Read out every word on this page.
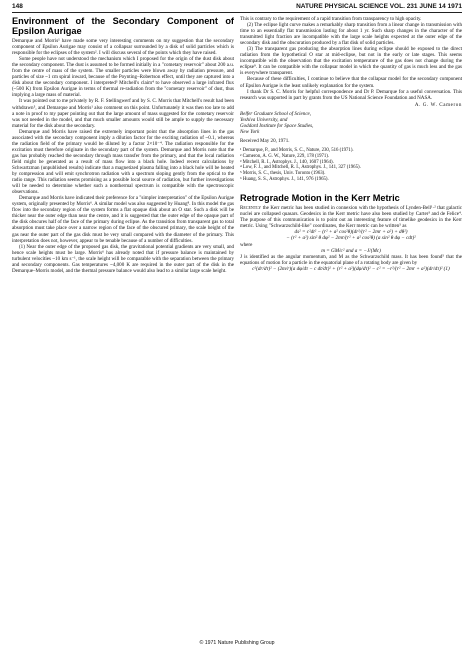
148	NATURE PHYSICAL SCIENCE VOL. 231 JUNE 14 1971
Environment of the Secondary Component of Epsilon Aurigae

Demarque and Morris¹ have made some very interesting comments on my suggestion that the secondary component of Epsilon Aurigae may consist of a collapsar surrounded by a disk of solid particles which is responsible for the eclipses of the system². I will discuss several of the points which they have raised.

Some people have not understood the mechanism which I proposed for the origin of the dust disk about the secondary component. The dust is assumed to be formed initially in a "cometary reservoir" about 200 a.u. from the centre of mass of the system. The smaller particles were blown away by radiation pressure, and particles of size ~1 cm spiral inward, because of the Poynting–Robertson effect, until they are captured into a disk about the secondary component. I interpreted³ Mitchell's claim⁴ to have observed a large infrared flux (~500 K) from Epsilon Aurigae in terms of thermal re-radiation from the "cometary reservoir" of dust, thus implying a large mass of material.

It was pointed out to me privately by R. F. Stellingwerf and by S. C. Morris that Mitchell's result had been withdrawn⁵, and Demarque and Morris¹ also comment on this point. Unfortunately it was then too late to add a note in proof to my paper pointing out that the large amount of mass suggested for the cometary reservoir was not needed in the model, and that much smaller amounts would still be ample to supply the necessary material for the disk about the secondary.

Demarque and Morris have raised the extremely important point that the absorption lines in the gas associated with the secondary component imply a dilution factor for the exciting radiation of ~0.1, whereas the radiation field of the primary would be diluted by a factor 2×10⁻⁴. The radiation responsible for the excitation must therefore originate in the secondary part of the system. Demarque and Morris note that the gas has probably reached the secondary through mass transfer from the primary, and that the local radiation field might be generated as a result of mass flow into a black hole. Indeed recent calculations by Schwartzman (unpublished results) indicate that a magnetized plasma falling into a black hole will be heated by compression and will emit synchrotron radiation with a spectrum sloping gently from the optical to the radio range. This radiation seems promising as a possible local source of radiation, but further investigations will be needed to determine whether such a nonthermal spectrum is compatible with the spectroscopic observations.

Demarque and Morris have indicated their preference for a "simpler interpretation" of the Epsilon Aurigae system, originally presented by Morris⁶. A similar model was also suggested by Huang⁸. In this model the gas flow into the secondary region of the system forms a flat opaque disk about an O star. Such a disk will be thicker near the outer edge than near the centre, and it is suggested that the outer edge of the opaque part of the disk obscures half of the face of the primary during eclipse. As the transition from transparent gas to total absorption must take place over a narrow region of the face of the obscured primary, the scale height of the gas near the outer part of the gas disk must be very small compared with the diameter of the primary. This interpretation does not, however, appear to be tenable because of a number of difficulties.

(1) Near the outer edge of the proposed gas disk, the gravitational potential gradients are very small, and hence scale heights must be large. Morris⁶ has already noted that if pressure balance is maintained by turbulent velocities ~10 km s⁻¹, the scale height will be comparable with the separation between the primary and secondary components. Gas temperatures ~4,000 K are required in the outer part of the disk in the Demarque–Morris model, and the thermal pressure balance would also lead to a similar large scale height.

This is contrary to the requirement of a rapid transition from transparency to high opacity.

(2) The eclipse light curve makes a remarkably sharp transition from a linear change in transmission with time to an essentially flat transmission lasting for about 1 yr. Such sharp changes in the character of the transmitted light fraction are incompatible with the large scale heights expected at the outer edge of the secondary disk and the obscuration produced by a flat disk of solid particles.

(3) The transparent gas producing the absorption lines during eclipse should be exposed to the direct radiation from the hypothetical O star at mid-eclipse, but not in the early or late stages. This seems incompatible with the observation that the excitation temperature of the gas does not change during the eclipse⁹. It can be compatible with the collapsar model in which the quantity of gas is much less and the gas is everywhere transparent.

Because of these difficulties, I continue to believe that the collapsar model for the secondary component of Epsilon Aurigae is the least unlikely explanation for the system.

I thank Dr S. C. Morris for helpful correspondence and Dr P. Demarque for a useful conversation. This research was supported in part by grants from the US National Science Foundation and NASA.

A. G. W. Cameron

Belfer Graduate School of Science,
Yeshiva University, and
Goddard Institute for Space Studies,
New York

Received May 20, 1971.

¹ Demarque, P., and Morris, S. C., Nature, 230, 516 (1971).
² Cameron, A. G. W., Nature, 229, 178 (1971).
³ Mitchell, R. I., Astrophys. J., 140, 1607 (1964).
⁴ Low, F. J., and Mitchell, R. I., Astrophys. J., 141, 327 (1965).
⁵ Morris, S. C., thesis, Univ. Toronto (1963).
⁶ Huang, S. S., Astrophys. J., 141, 976 (1965).
Retrograde Motion in the Kerr Metric

Recently the Kerr metric has been studied in connexion with the hypothesis of Lynden-Bell¹·² that galactic nuclei are collapsed quasars. Geodesics in the Kerr metric have also been studied by Carter³ and de Felice⁴. The purpose of this communication is to point out an interesting feature of timelike geodesics in the Kerr metric. Using "Schwarzschild-like" coordinates, the Kerr metric can be written⁵ as

ds² = c²dt² − (r² + a² cos²θ)(dr²/(r² − 2mr + a²) + dθ²)

− (r² + a²) sin² θ dφ² − 2mr/(r² + a² cos²θ) (a sin² θ dφ − cdt)²

where

m = GM/c² and a = −J/(Mc)

J is identified as the angular momentum, and M as the Schwarzschild mass. It has been found⁵ that the equations of motion for a particle in the equatorial plane of a rotating body are given by

c²(dr/dτ)² − (2m/r)(a dφ/dτ − c dt/dτ)² + (r² + a²)(dφ/dτ)² − c² = −r²/(r² − 2mr + a²)(dr/dτ)² (1)

© 1971 Nature Publishing Group
